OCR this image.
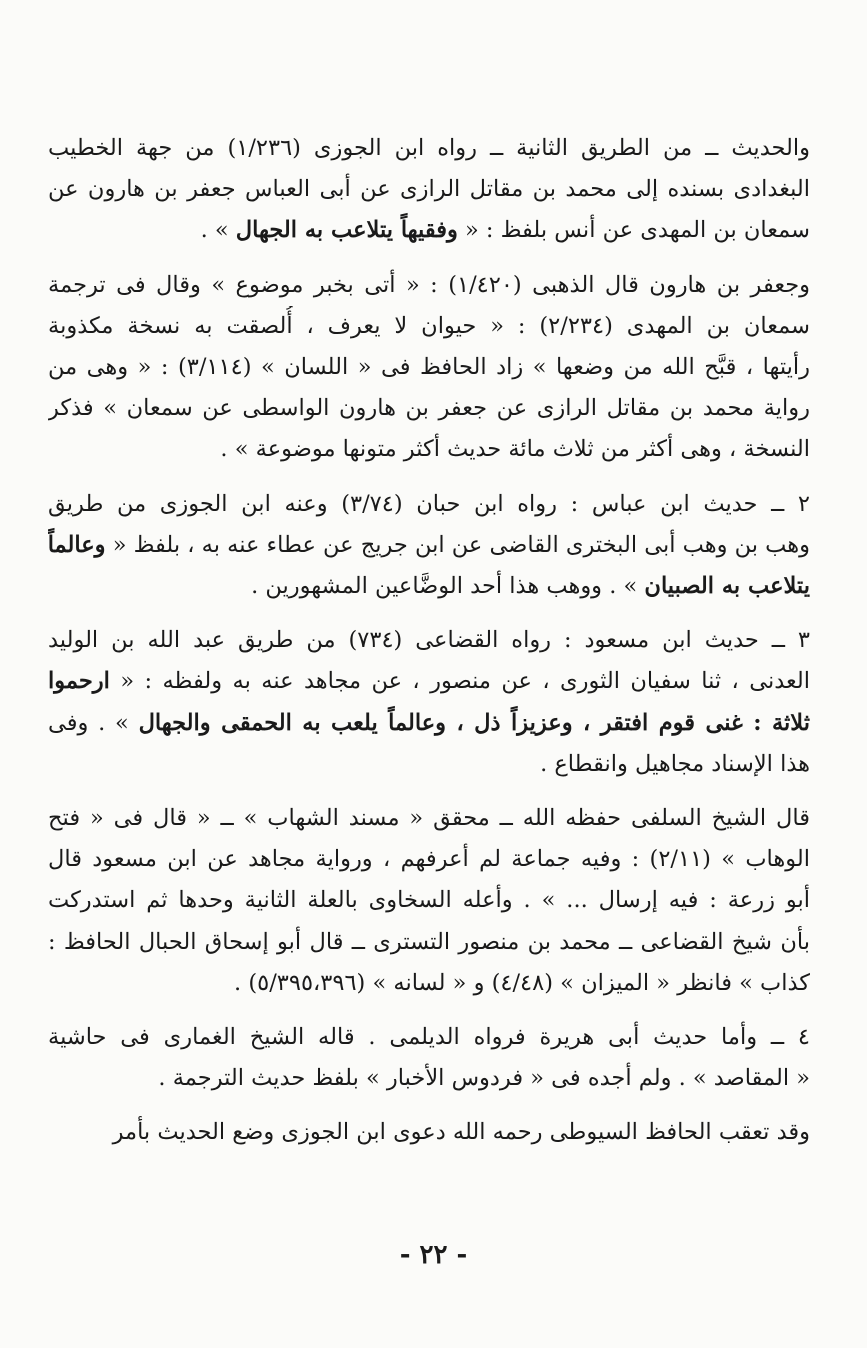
والحديث ــ من الطريق الثانية ــ رواه ابن الجوزى (١/٢٣٦) من جهة الخطيب
البغدادى بسنده إلى محمد بن مقاتل الرازى عن أبى العباس جعفر بن هارون عن
سمعان بن المهدى عن أنس بلفظ : « وفقيهاً يتلاعب به الجهال » .
وجعفر بن هارون قال الذهبى (١/٤٢٠) : « أتى بخبر موضوع » وقال فى ترجمة
سمعان بن المهدى (٢/٢٣٤) : « حيوان لا يعرف ، أُلصقت به نسخة مكذوبة
رأيتها ، قبَّح الله من وضعها » زاد الحافظ فى « اللسان » (٣/١١٤) : « وهى من
رواية محمد بن مقاتل الرازى عن جعفر بن هارون الواسطى عن سمعان » فذكر
النسخة ، وهى أكثر من ثلاث مائة حديث أكثر متونها موضوعة » .
٢ ــ حديث ابن عباس : رواه ابن حبان (٣/٧٤) وعنه ابن الجوزى من طريق
وهب بن وهب أبى البخترى القاضى عن ابن جريج عن عطاء عنه به ، بلفظ « وعالماً
يتلاعب به الصبيان » . ووهب هذا أحد الوضَّاعين المشهورين .
٣ ــ حديث ابن مسعود : رواه القضاعى (٧٣٤) من طريق عبد الله بن الوليد
العدنى ، ثنا سفيان الثورى ، عن منصور ، عن مجاهد عنه به ولفظه : « ارحموا
ثلاثة : غنى قوم افتقر ، وعزيزاً ذل ، وعالماً يلعب به الحمقى والجهال » . وفى
هذا الإسناد مجاهيل وانقطاع .
قال الشيخ السلفى حفظه الله ــ محقق « مسند الشهاب » ــ « قال فى « فتح
الوهاب » (٢/١١) : وفيه جماعة لم أعرفهم ، ورواية مجاهد عن ابن مسعود قال
أبو زرعة : فيه إرسال ... » . وأعله السخاوى بالعلة الثانية وحدها ثم استدركت
بأن شيخ القضاعى ــ محمد بن منصور التسترى ــ قال أبو إسحاق الحبال الحافظ :
كذاب » فانظر « الميزان » (٤/٤٨) و « لسانه » (٥/٣٩٥،٣٩٦) .
٤ ــ وأما حديث أبى هريرة فرواه الديلمى . قاله الشيخ الغمارى فى حاشية
« المقاصد » . ولم أجده فى « فردوس الأخبار » بلفظ حديث الترجمة .
وقد تعقب الحافظ السيوطى رحمه الله دعوى ابن الجوزى وضع الحديث بأمر
- ٢٢ -
